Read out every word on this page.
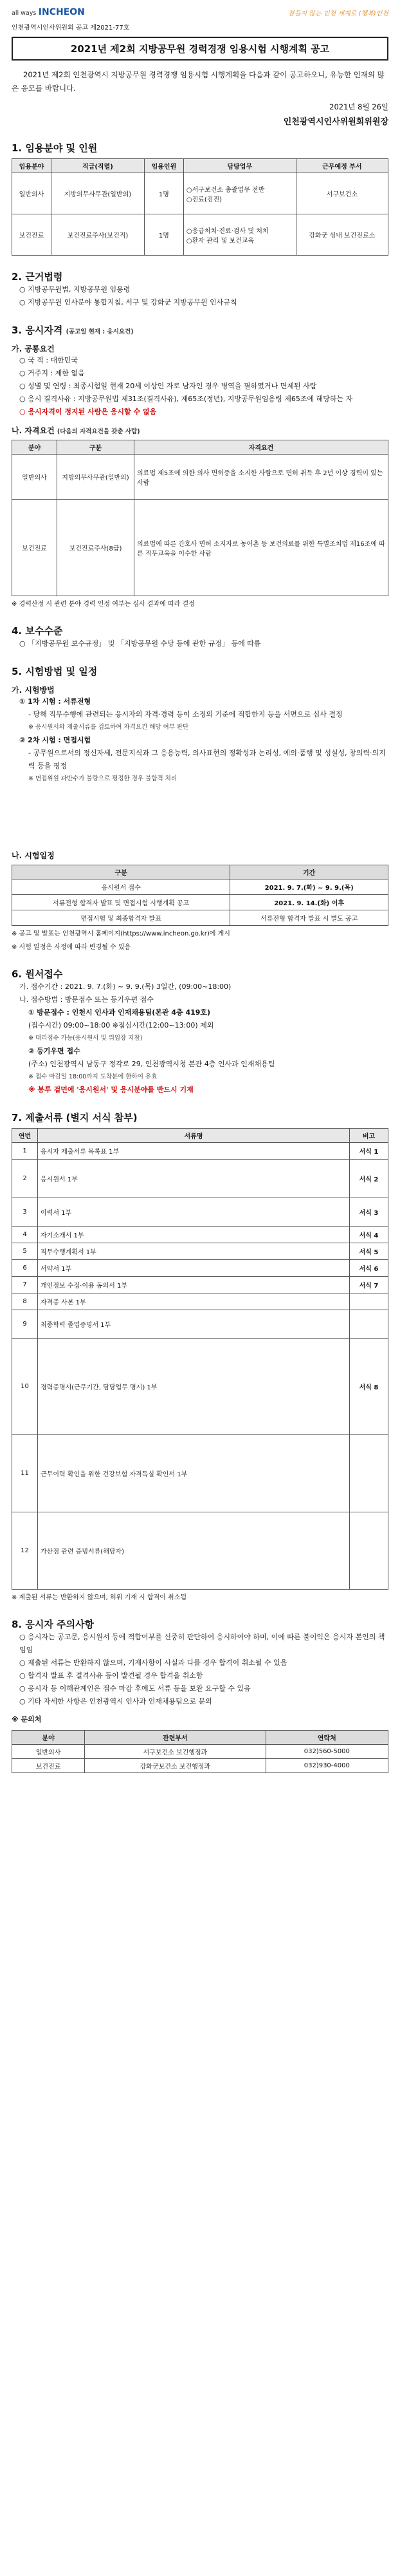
all ways INCHEON	잠들지 않는 인천 세계로 (행복)인천
인천광역시인사위원회 공고 제2021-77호
2021년 제2회 지방공무원 경력경쟁 임용시험 시행계획 공고

2021년 제2회 인천광역시 지방공무원 경력경쟁 임용시험 시행계획을 다음과 같이 공고하오니, 유능한 인재의 많은 응모를 바랍니다.

2021년 8월 26일
인천광역시인사위원회위원장
1. 임용분야 및 인원
임용분야	직급(직렬)	임용인원	담당업무	근무예정 부서
일반의사	지방의무사무관(일반의)	1명	○서구보건소 총괄업무 전반
○진료(검진)	서구보건소
보건진료	보건진료주사(보건직)	1명	○응급처치·진료·검사 및 처치
○환자 관리 및 보건교육	강화군 섬내 보건진료소
2. 근거법령
○ 지방공무원법, 지방공무원 임용령
○ 지방공무원 인사분야 통합지침, 서구 및 강화군 지방공무원 인사규칙
3. 응시자격 (공고일 현재 : 응시요건)
가. 공통요건
○ 국 적 : 대한민국
○ 거주지 : 제한 없음
○ 성별 및 연령 : 최종시험일 현재 20세 이상인 자로 남자인 경우 병역을 필하였거나 면제된 사람
○ 응시 결격사유 : 지방공무원법 제31조(결격사유), 제65조(정년), 지방공무원임용령 제65조에 해당하는 자
○ 응시자격이 정지된 사람은 응시할 수 없음
나. 자격요건 (다음의 자격요건을 갖춘 사람)
분야	구분	자격요건
일반의사	지방의무사무관(일반의)	의료법 제5조에 의한 의사 면허증을 소지한 사람으로 면허 취득 후 2년 이상 경력이 있는 사람
보건진료	보건진료주사(8급)	의료법에 따른 간호사 면허 소지자로 농어촌 등 보건의료를 위한 특별조치법 제16조에 따른 직무교육을 이수한 사람
※ 경력산정 시 관련 분야 경력 인정 여부는 심사 결과에 따라 결정
4. 보수수준
○ 「지방공무원 보수규정」 및 「지방공무원 수당 등에 관한 규정」 등에 따름
5. 시험방법 및 일정
가. 시험방법
① 1차 시험 : 서류전형
- 당해 직무수행에 관련되는 응시자의 자격·경력 등이 소정의 기준에 적합한지 등을 서면으로 심사 결정
※ 응시원서와 제출서류를 검토하여 자격요건 해당 여부 판단
② 2차 시험 : 면접시험
- 공무원으로서의 정신자세, 전문지식과 그 응용능력, 의사표현의 정확성과 논리성, 예의·품행 및 성실성, 창의력·의지력 등을 평정
※ 면접위원 과반수가 불량으로 평정한 경우 불합격 처리
나. 시험일정
구분	기간
응시원서 접수	2021. 9. 7.(화) ~ 9. 9.(목)
서류전형 합격자 발표 및 면접시험 시행계획 공고	2021. 9. 14.(화) 이후
면접시험 및 최종합격자 발표	서류전형 합격자 발표 시 별도 공고
※ 공고 및 발표는 인천광역시 홈페이지(https://www.incheon.go.kr)에 게시
※ 시험 일정은 사정에 따라 변경될 수 있음
6. 원서접수
가. 접수기간 : 2021. 9. 7.(화) ~ 9. 9.(목) 3일간, (09:00~18:00)
나. 접수방법 : 방문접수 또는 등기우편 접수
① 방문접수 : 인천시 인사과 인재채용팀(본관 4층 419호)
(접수시간) 09:00~18:00 ※점심시간(12:00~13:00) 제외
※ 대리접수 가능(응시원서 및 위임장 지참)
② 등기우편 접수
(주소) 인천광역시 남동구 정각로 29, 인천광역시청 본관 4층 인사과 인재채용팀
※ 접수 마감일 18:00까지 도착분에 한하여 유효
※ 봉투 겉면에 '응시원서' 및 응시분야를 반드시 기재
7. 제출서류 (별지 서식 참부)
연번	서류명	비고
1	응시자 제출서류 목록표 1부	서식 1
2	응시원서 1부	서식 2
3	이력서 1부	서식 3
4	자기소개서 1부	서식 4
5	직무수행계획서 1부	서식 5
6	서약서 1부	서식 6
7	개인정보 수집·이용 동의서 1부	서식 7
8	자격증 사본 1부	
9	최종학력 졸업증명서 1부	
10	경력증명서(근무기간, 담당업무 명시) 1부	서식 8
11	근무이력 확인을 위한 건강보험 자격득실 확인서 1부	
12	가산점 관련 증빙서류(해당자)	
※ 제출된 서류는 반환하지 않으며, 허위 기재 시 합격이 취소됨
8. 응시자 주의사항
○ 응시자는 공고문, 응시원서 등에 적합여부를 신중히 판단하여 응시하여야 하며, 이에 따른 불이익은 응시자 본인의 책임임
○ 제출된 서류는 반환하지 않으며, 기재사항이 사실과 다를 경우 합격이 취소될 수 있음
○ 합격자 발표 후 결격사유 등이 발견될 경우 합격을 취소함
○ 응시자 등 이해관계인은 접수 마감 후에도 서류 등을 보완 요구할 수 있음
○ 기타 자세한 사항은 인천광역시 인사과 인재채용팀으로 문의
※ 문의처
분야	관련부서	연락처
일반의사	서구보건소 보건행정과	032)560-5000
보건진료	강화군보건소 보건행정과	032)930-4000
